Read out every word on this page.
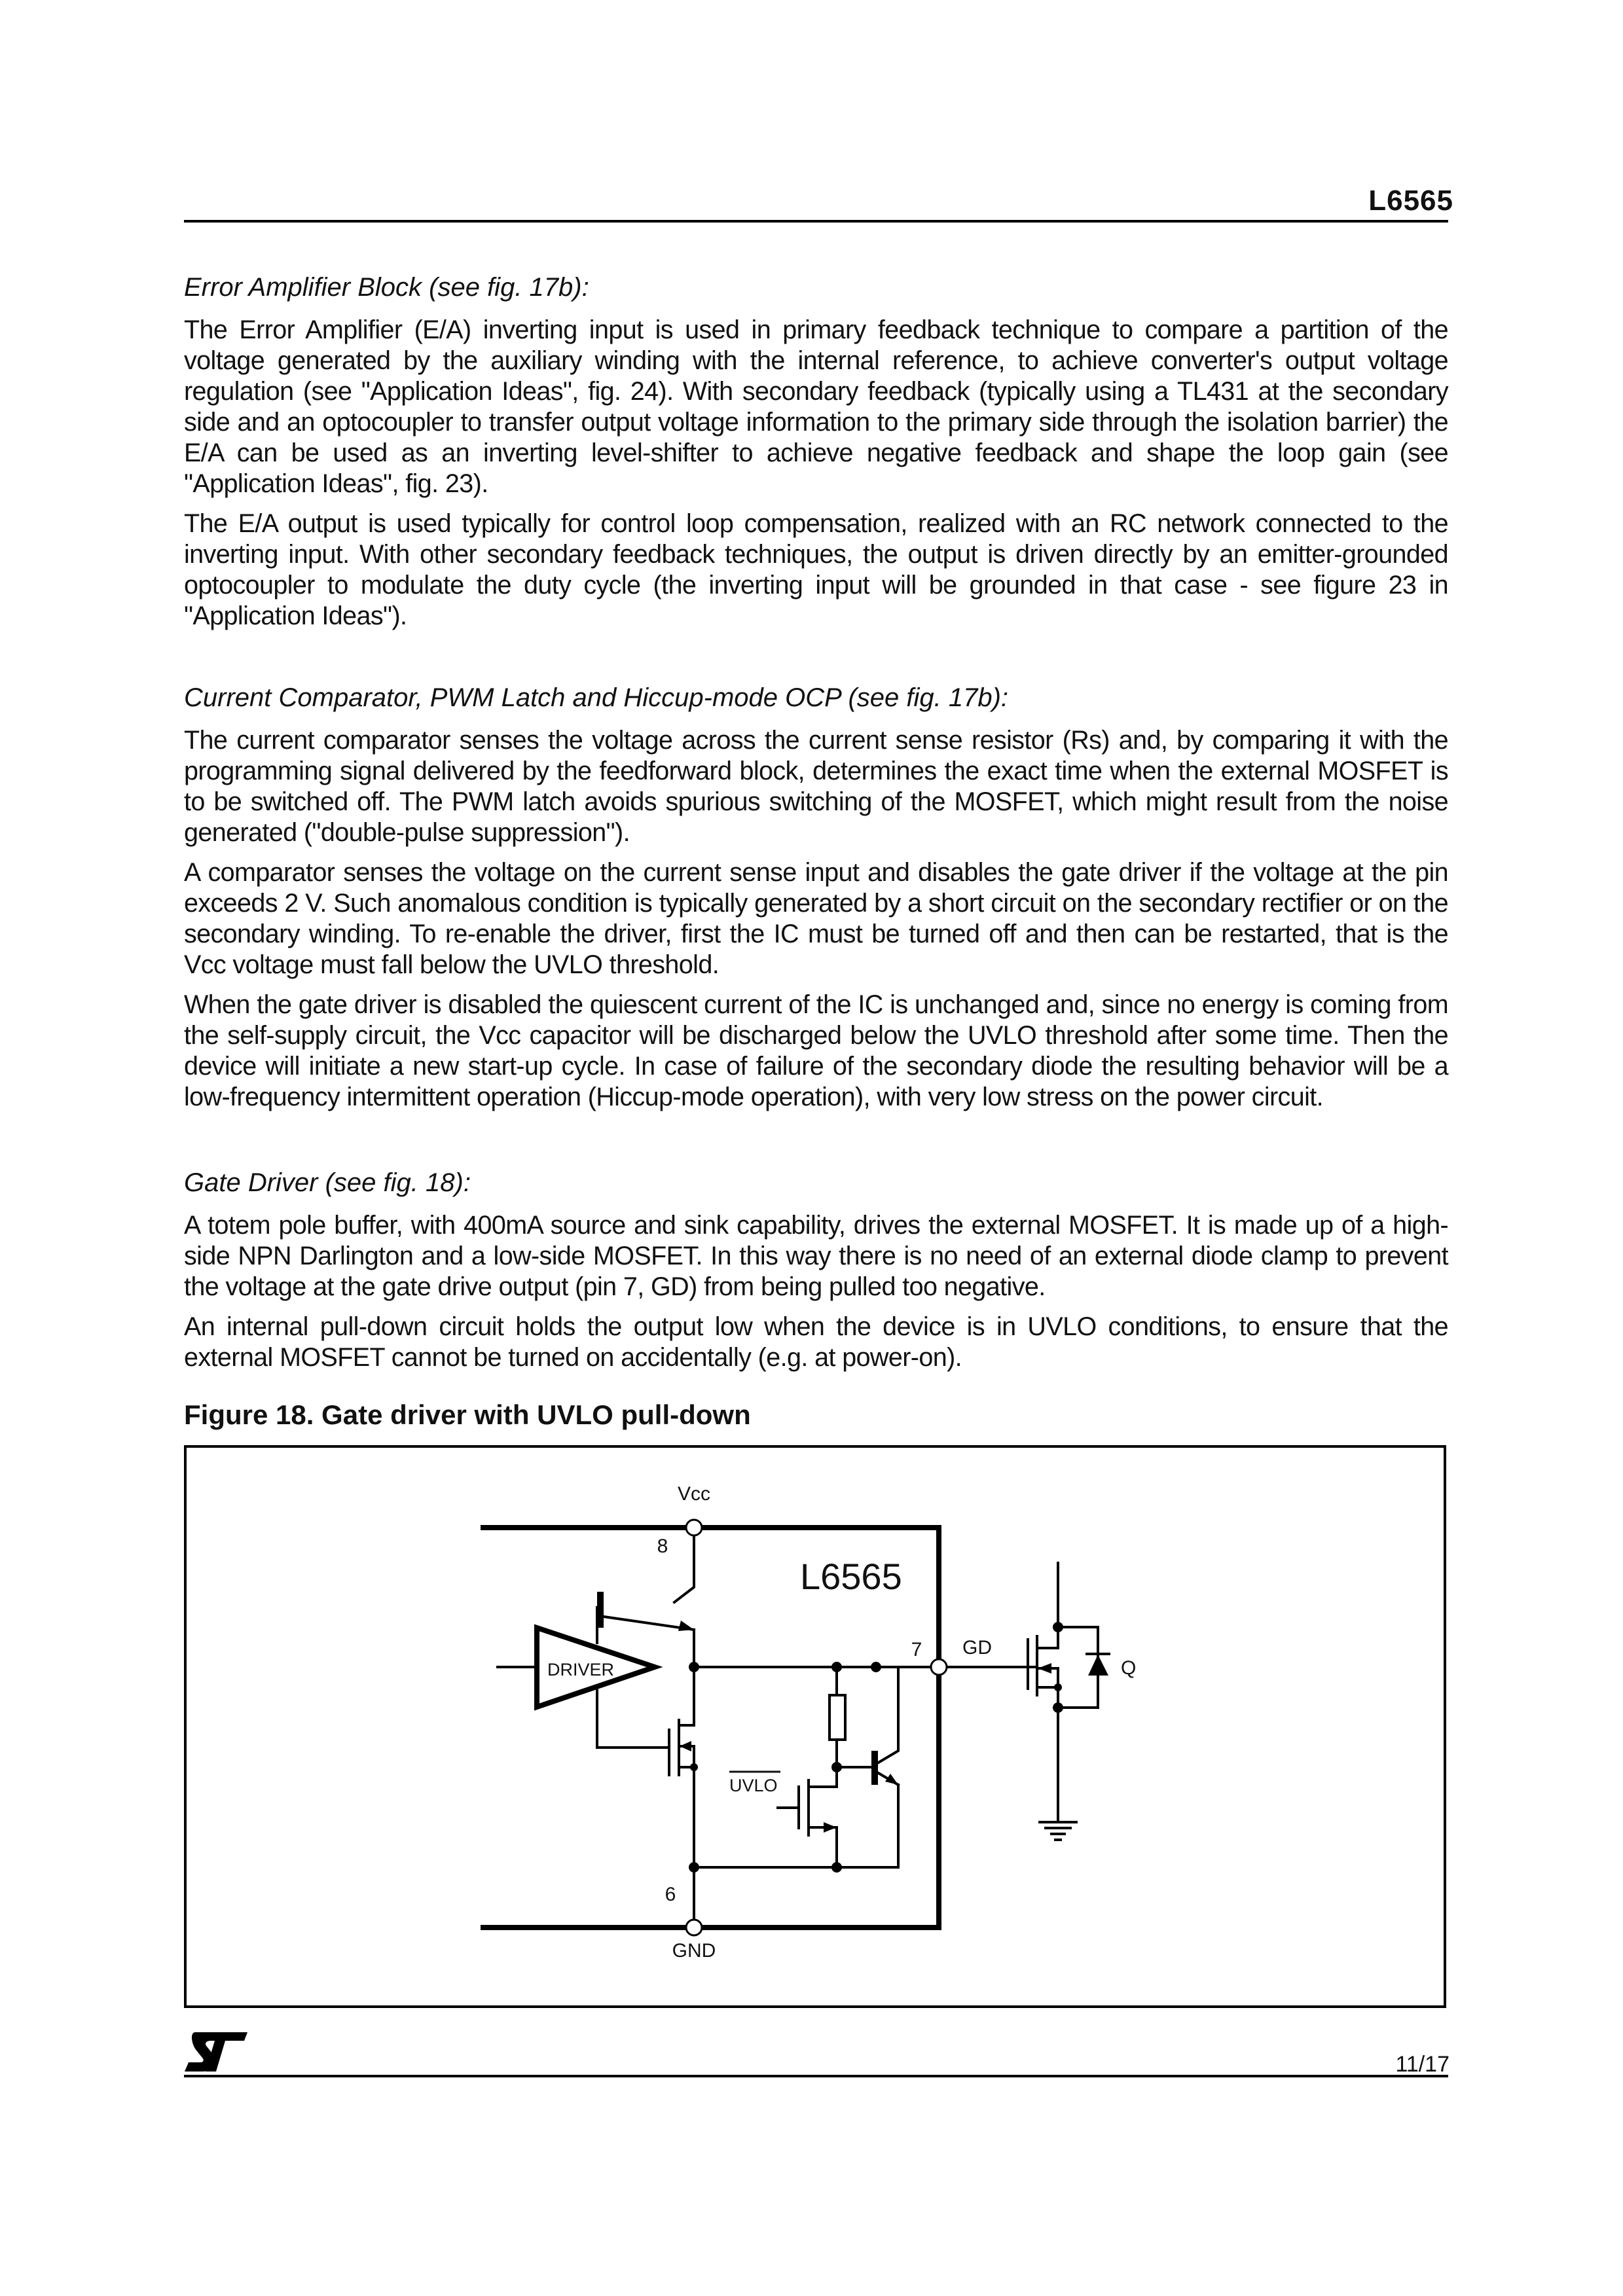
L6565

Error Amplifier Block (see fig. 17b):

The Error Amplifier (E/A) inverting input is used in primary feedback technique to compare a partition of the voltage generated by the auxiliary winding with the internal reference, to achieve converter's output voltage regulation (see "Application Ideas", fig. 24). With secondary feedback (typically using a TL431 at the secondary side and an optocoupler to transfer output voltage information to the primary side through the isolation barrier) the E/A can be used as an inverting level-shifter to achieve negative feedback and shape the loop gain (see "Application Ideas", fig. 23).

The E/A output is used typically for control loop compensation, realized with an RC network connected to the inverting input. With other secondary feedback techniques, the output is driven directly by an emitter-grounded optocoupler to modulate the duty cycle (the inverting input will be grounded in that case - see figure 23 in "Application Ideas").

Current Comparator, PWM Latch and Hiccup-mode OCP (see fig. 17b):

The current comparator senses the voltage across the current sense resistor (Rs) and, by comparing it with the programming signal delivered by the feedforward block, determines the exact time when the external MOSFET is to be switched off. The PWM latch avoids spurious switching of the MOSFET, which might result from the noise generated ("double-pulse suppression").

A comparator senses the voltage on the current sense input and disables the gate driver if the voltage at the pin exceeds 2 V. Such anomalous condition is typically generated by a short circuit on the secondary rectifier or on the secondary winding. To re-enable the driver, first the IC must be turned off and then can be restarted, that is the Vcc voltage must fall below the UVLO threshold.

When the gate driver is disabled the quiescent current of the IC is unchanged and, since no energy is coming from the self-supply circuit, the Vcc capacitor will be discharged below the UVLO threshold after some time. Then the device will initiate a new start-up cycle. In case of failure of the secondary diode the resulting behavior will be a low-frequency intermittent operation (Hiccup-mode operation), with very low stress on the power circuit.

Gate Driver (see fig. 18):

A totem pole buffer, with 400mA source and sink capability, drives the external MOSFET. It is made up of a high-side NPN Darlington and a low-side MOSFET. In this way there is no need of an external diode clamp to prevent the voltage at the gate drive output (pin 7, GD) from being pulled too negative.

An internal pull-down circuit holds the output low when the device is in UVLO conditions, to ensure that the external MOSFET cannot be turned on accidentally (e.g. at power-on).

Figure 18. Gate driver with UVLO pull-down

Vcc
8
L6565
7 GD
DRIVER
UVLO
Q
6
GND
11/17
